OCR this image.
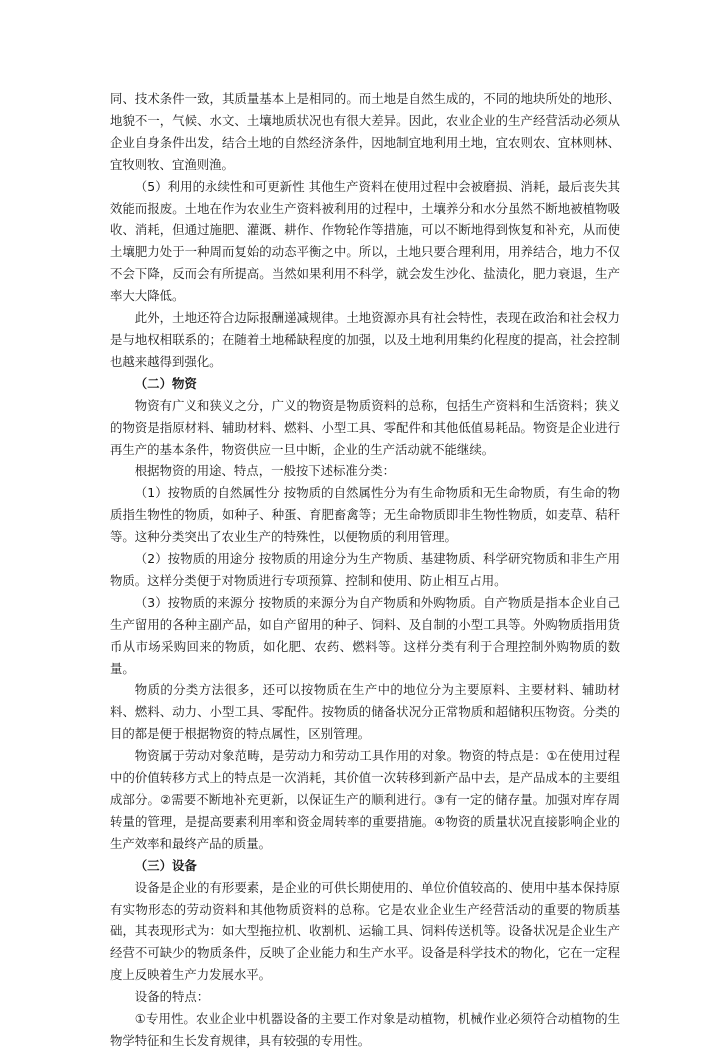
同、技术条件一致，其质量基本上是相同的。而土地是自然生成的，不同的地块所处的地形、地貌不一，气候、水文、土壤地质状况也有很大差异。因此，农业企业的生产经营活动必须从企业自身条件出发，结合土地的自然经济条件，因地制宜地利用土地，宜农则农、宜林则林、宜牧则牧、宜渔则渔。

（5）利用的永续性和可更新性 其他生产资料在使用过程中会被磨损、消耗，最后丧失其效能而报废。土地在作为农业生产资料被利用的过程中，土壤养分和水分虽然不断地被植物吸收、消耗，但通过施肥、灌溉、耕作、作物轮作等措施，可以不断地得到恢复和补充，从而使土壤肥力处于一种周而复始的动态平衡之中。所以，土地只要合理利用，用养结合，地力不仅不会下降，反而会有所提高。当然如果利用不科学，就会发生沙化、盐渍化，肥力衰退，生产率大大降低。

此外，土地还符合边际报酬递减规律。土地资源亦具有社会特性，表现在政治和社会权力是与地权相联系的；在随着土地稀缺程度的加强，以及土地利用集约化程度的提高，社会控制也越来越得到强化。

（二）物资

物资有广义和狭义之分，广义的物资是物质资料的总称，包括生产资料和生活资料；狭义的物资是指原材料、辅助材料、燃料、小型工具、零配件和其他低值易耗品。物资是企业进行再生产的基本条件，物资供应一旦中断，企业的生产活动就不能继续。

根据物资的用途、特点，一般按下述标准分类：

（1）按物质的自然属性分 按物质的自然属性分为有生命物质和无生命物质，有生命的物质指生物性的物质，如种子、种蛋、育肥畜禽等；无生命物质即非生物性物质，如麦草、秸秆等。这种分类突出了农业生产的特殊性，以便物质的利用管理。

（2）按物质的用途分 按物质的用途分为生产物质、基建物质、科学研究物质和非生产用物质。这样分类便于对物质进行专项预算、控制和使用、防止相互占用。

（3）按物质的来源分 按物质的来源分为自产物质和外购物质。自产物质是指本企业自己生产留用的各种主副产品，如自产留用的种子、饲料、及自制的小型工具等。外购物质指用货币从市场采购回来的物质，如化肥、农药、燃料等。这样分类有利于合理控制外购物质的数量。

物质的分类方法很多，还可以按物质在生产中的地位分为主要原料、主要材料、辅助材料、燃料、动力、小型工具、零配件。按物质的储备状况分正常物质和超储积压物资。分类的目的都是便于根据物资的特点属性，区别管理。

物资属于劳动对象范畴，是劳动力和劳动工具作用的对象。物资的特点是：①在使用过程中的价值转移方式上的特点是一次消耗，其价值一次转移到新产品中去，是产品成本的主要组成部分。②需要不断地补充更新，以保证生产的顺利进行。③有一定的储存量。加强对库存周转量的管理，是提高要素利用率和资金周转率的重要措施。④物资的质量状况直接影响企业的生产效率和最终产品的质量。

（三）设备

设备是企业的有形要素，是企业的可供长期使用的、单位价值较高的、使用中基本保持原有实物形态的劳动资料和其他物质资料的总称。它是农业企业生产经营活动的重要的物质基础，其表现形式为：如大型拖拉机、收割机、运输工具、饲料传送机等。设备状况是企业生产经营不可缺少的物质条件，反映了企业能力和生产水平。设备是科学技术的物化，它在一定程度上反映着生产力发展水平。

设备的特点：

①专用性。农业企业中机器设备的主要工作对象是动植物，机械作业必须符合动植物的生物学特征和生长发育规律，具有较强的专用性。
